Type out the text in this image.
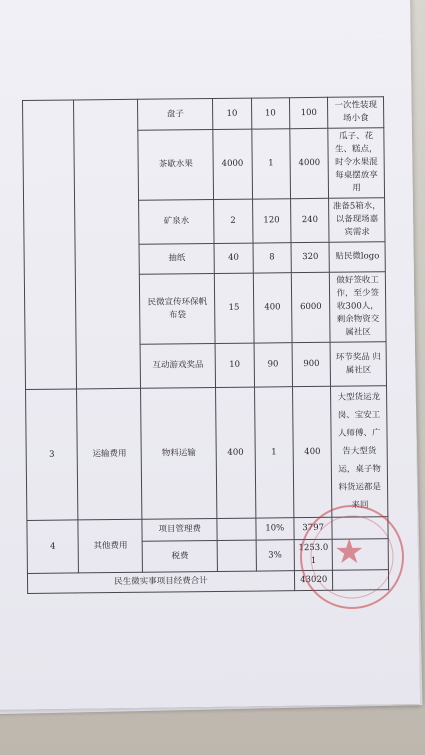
		盘子	10	10	100	一次性装现场小食
		茶歇水果	4000	1	4000	瓜子、花生、糕点，时令水果混每桌摆放享用
		矿泉水	2	120	240	准备5箱水，以备现场嘉宾需求
		抽纸	40	8	320	贴民微logo
		民微宣传环保帆布袋	15	400	6000	做好签收工作，至少签收300人，剩余物资交属社区
		互动游戏奖品	10	90	900	环节奖品 归属社区
3	运输费用	物料运输	400	1	400	大型货运龙岗、宝安工人师傅、广告大型货运，桌子物料货运都是来回
4	其他费用	项目管理费		10%	3797	
		税费		3%	1253.01	
民生微实事项目经费合计					43020	
★
